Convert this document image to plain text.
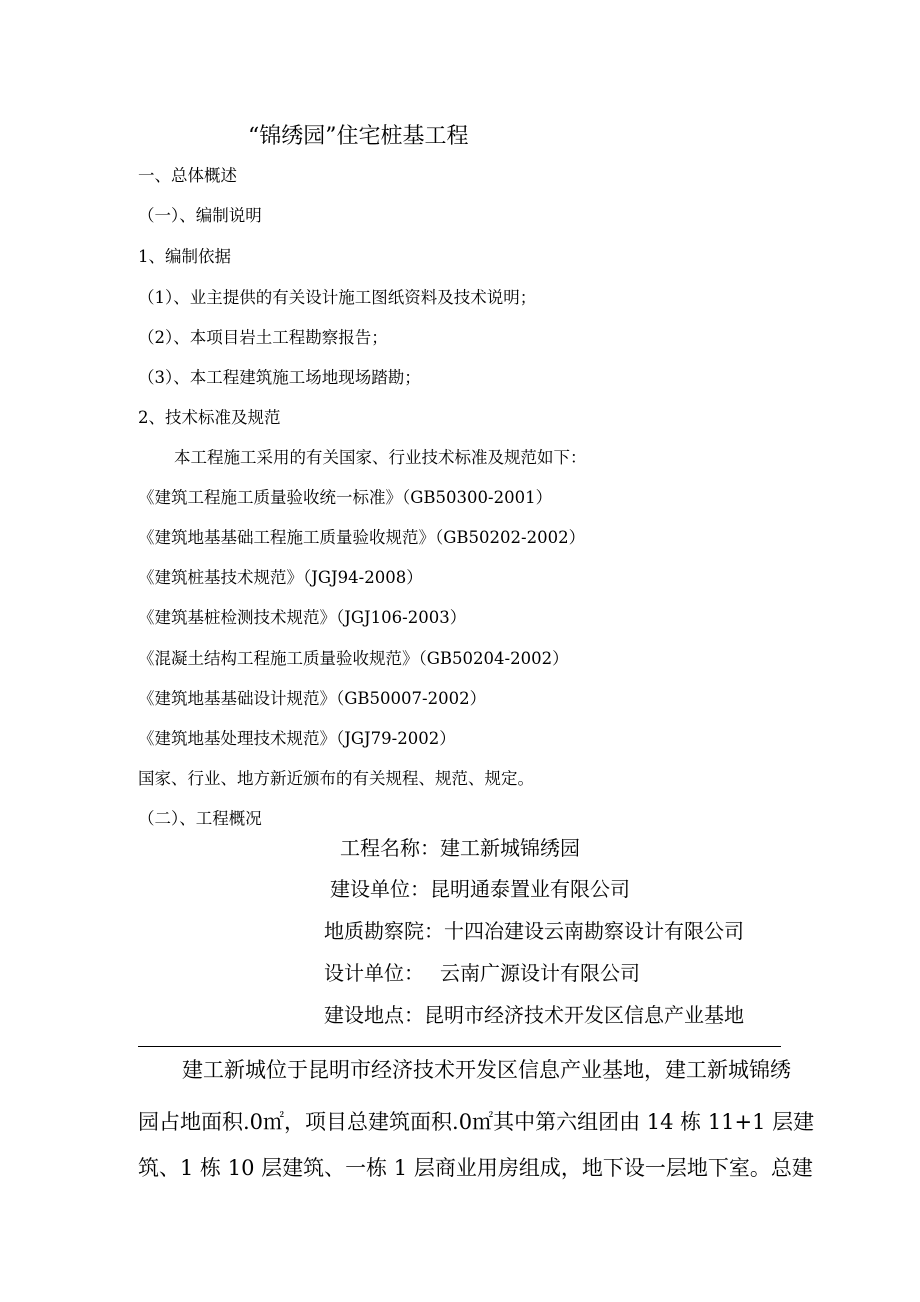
“锦绣园”住宅桩基工程
一、总体概述
（一）、编制说明
1、编制依据
（1）、业主提供的有关设计施工图纸资料及技术说明；
（2）、本项目岩土工程勘察报告；
（3）、本工程建筑施工场地现场踏勘；
2、技术标准及规范
本工程施工采用的有关国家、行业技术标准及规范如下：
《建筑工程施工质量验收统一标准》（GB50300-2001）
《建筑地基基础工程施工质量验收规范》（GB50202-2002）
《建筑桩基技术规范》（JGJ94-2008）
《建筑基桩检测技术规范》（JGJ106-2003）
《混凝土结构工程施工质量验收规范》（GB50204-2002）
《建筑地基基础设计规范》（GB50007-2002）
《建筑地基处理技术规范》（JGJ79-2002）
国家、行业、地方新近颁布的有关规程、规范、规定。
（二）、工程概况
工程名称：建工新城锦绣园
建设单位：昆明通泰置业有限公司
地质勘察院：十四冶建设云南勘察设计有限公司
设计单位： 云南广源设计有限公司
建设地点：昆明市经济技术开发区信息产业基地
建工新城位于昆明市经济技术开发区信息产业基地，建工新城锦绣
园占地面积.0㎡，项目总建筑面积.0㎡其中第六组团由 14 栋 11+1 层建
筑、1 栋 10 层建筑、一栋 1 层商业用房组成，地下设一层地下室。总建
